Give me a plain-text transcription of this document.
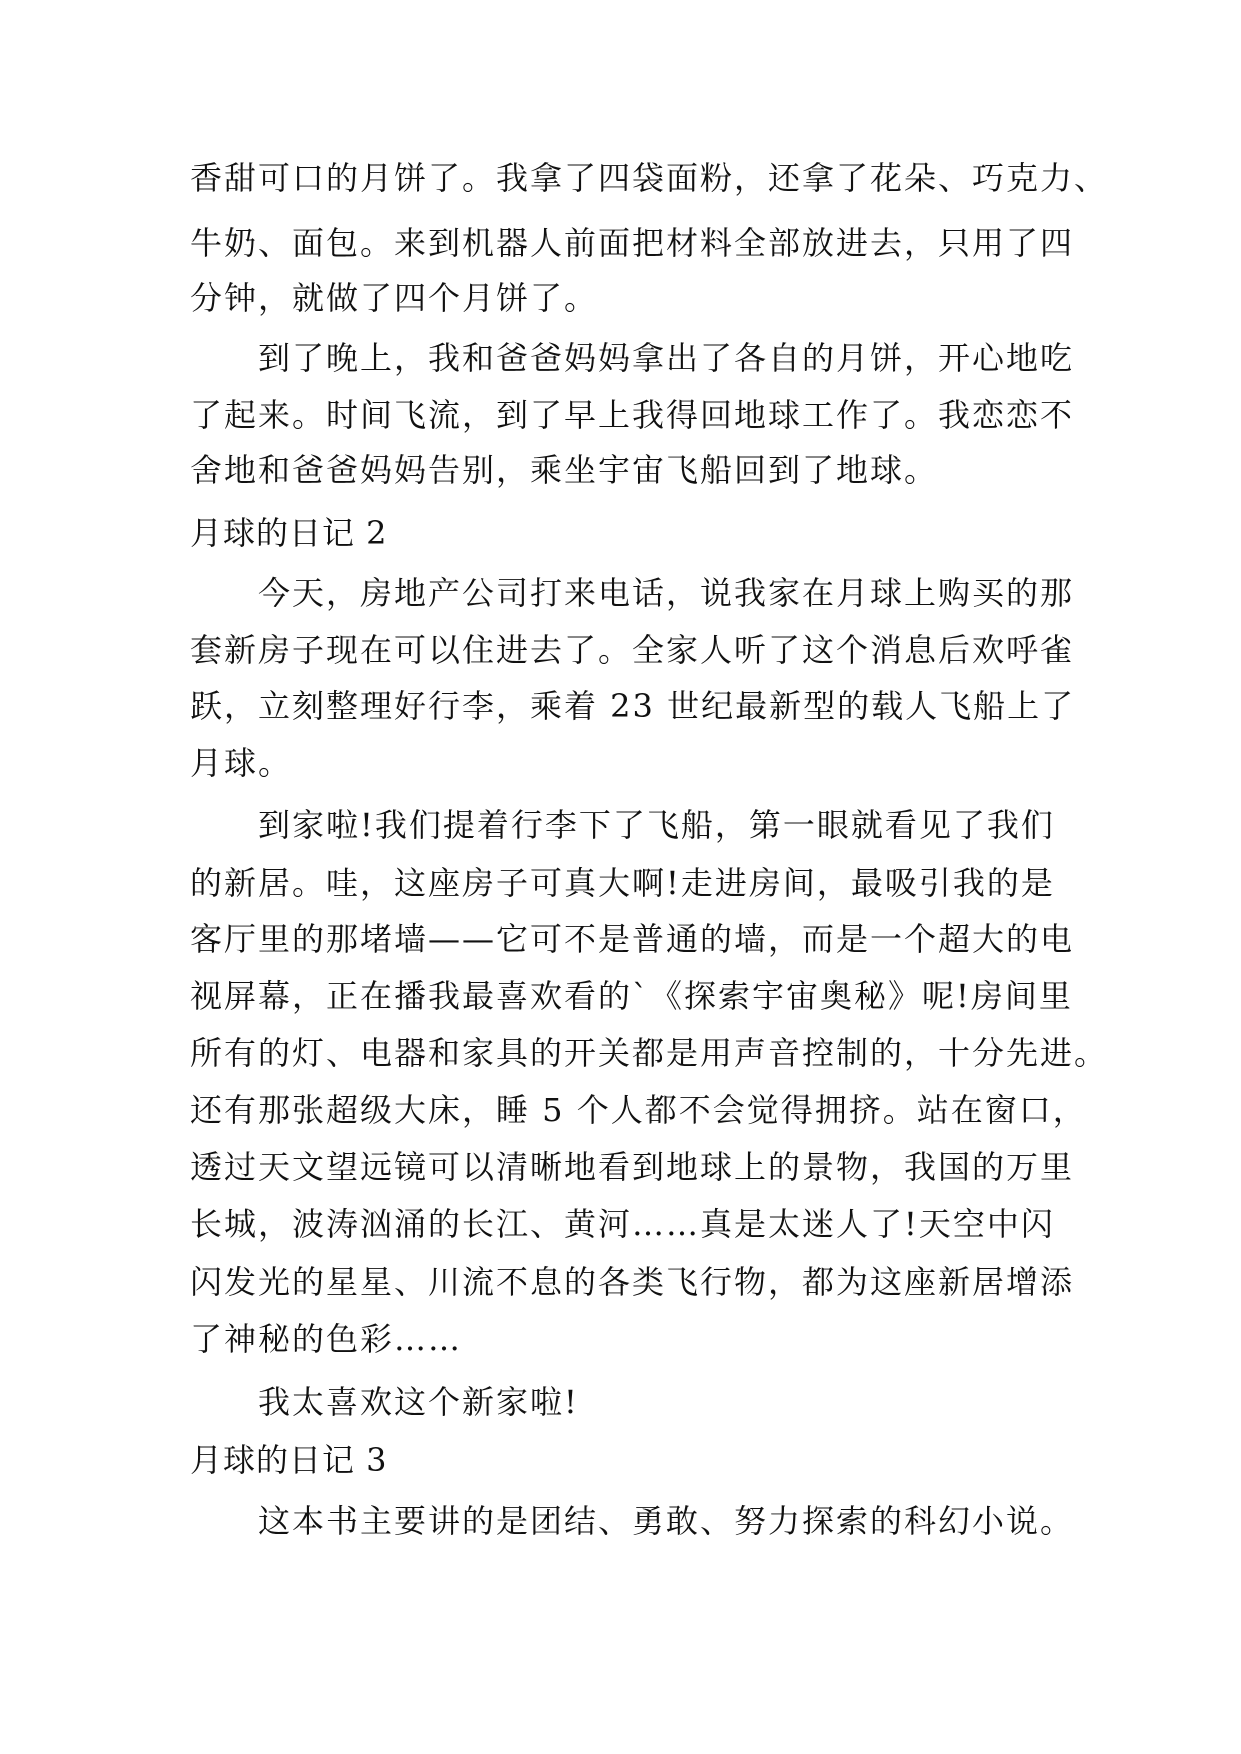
香甜可口的月饼了。我拿了四袋面粉，还拿了花朵、巧克力、
牛奶、面包。来到机器人前面把材料全部放进去，只用了四
分钟，就做了四个月饼了。
到了晚上，我和爸爸妈妈拿出了各自的月饼，开心地吃
了起来。时间飞流，到了早上我得回地球工作了。我恋恋不
舍地和爸爸妈妈告别，乘坐宇宙飞船回到了地球。
月球的日记 2
今天，房地产公司打来电话，说我家在月球上购买的那
套新房子现在可以住进去了。全家人听了这个消息后欢呼雀
跃，立刻整理好行李，乘着 23 世纪最新型的载人飞船上了
月球。
到家啦!我们提着行李下了飞船，第一眼就看见了我们
的新居。哇，这座房子可真大啊!走进房间，最吸引我的是
客厅里的那堵墙——它可不是普通的墙，而是一个超大的电
视屏幕，正在播我最喜欢看的`《探索宇宙奥秘》呢!房间里
所有的灯、电器和家具的开关都是用声音控制的，十分先进。
还有那张超级大床，睡 5 个人都不会觉得拥挤。站在窗口，
透过天文望远镜可以清晰地看到地球上的景物，我国的万里
长城，波涛汹涌的长江、黄河……真是太迷人了!天空中闪
闪发光的星星、川流不息的各类飞行物，都为这座新居增添
了神秘的色彩……
我太喜欢这个新家啦!
月球的日记 3
这本书主要讲的是团结、勇敢、努力探索的科幻小说。
